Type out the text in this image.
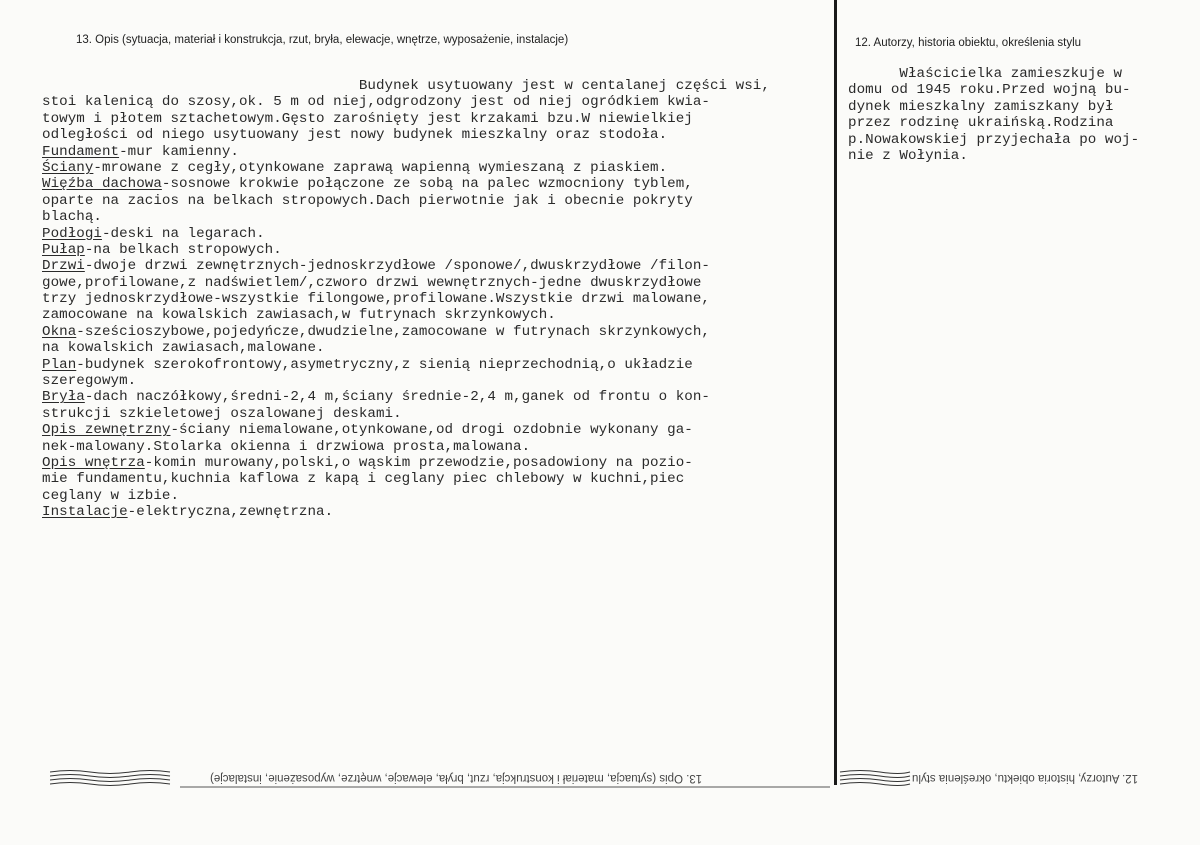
13. Opis (sytuacja, materiał i konstrukcja, rzut, bryła, elewacje, wnętrze, wyposażenie, instalacje)	12. Autorzy, historia obiektu, określenia stylu
Budynek usytuowany jest w centalanej części wsi,
stoi kalenicą do szosy,ok. 5 m od niej,odgrodzony jest od niej ogródkiem kwia-
towym i płotem sztachetowym.Gęsto zarośnięty jest krzakami bzu.W niewielkiej
odległości od niego usytuowany jest nowy budynek mieszkalny oraz stodoła.
Fundament-mur kamienny.
Ściany-mrowane z cegły,otynkowane zaprawą wapienną wymieszaną z piaskiem.
Więźba dachowa-sosnowe krokwie połączone ze sobą na palec wzmocniony tyblem,
oparte na zacios na belkach stropowych.Dach pierwotnie jak i obecnie pokryty
blachą.
Podłogi-deski na legarach.
Pułap-na belkach stropowych.
Drzwi-dwoje drzwi zewnętrznych-jednoskrzydłowe /sponowe/,dwuskrzydłowe /filon-
gowe,profilowane,z nadświetlem/,czworo drzwi wewnętrznych-jedne dwuskrzydłowe
trzy jednoskrzydłowe-wszystkie filongowe,profilowane.Wszystkie drzwi malowane,
zamocowane na kowalskich zawiasach,w futrynach skrzynkowych.
Okna-sześcioszybowe,pojedyńcze,dwudzielne,zamocowane w futrynach skrzynkowych,
na kowalskich zawiasach,malowane.
Plan-budynek szerokofrontowy,asymetryczny,z sienią nieprzechodnią,o układzie
szeregowym.
Bryła-dach naczółkowy,średni-2,4 m,ściany średnie-2,4 m,ganek od frontu o kon-
strukcji szkieletowej oszalowanej deskami.
Opis zewnętrzny-ściany niemalowane,otynkowane,od drogi ozdobnie wykonany ga-
nek-malowany.Stolarka okienna i drzwiowa prosta,malowana.
Opis wnętrza-komin murowany,polski,o wąskim przewodzie,posadowiony na pozio-
mie fundamentu,kuchnia kaflowa z kapą i ceglany piec chlebowy w kuchni,piec
ceglany w izbie.
Instalacje-elektryczna,zewnętrzna.
Właścicielka zamieszkuje w
domu od 1945 roku.Przed wojną bu-
dynek mieszkalny zamiszkany był
przez rodzinę ukraińską.Rodzina
p.Nowakowskiej przyjechała po woj-
nie z Wołynia.
13. Opis (sytuacja, materiał i konstrukcja, rzut, bryła, elewacje, wnętrze, wyposażenie, instalacje)	12. Autorzy, historia obiektu, określenia stylu
